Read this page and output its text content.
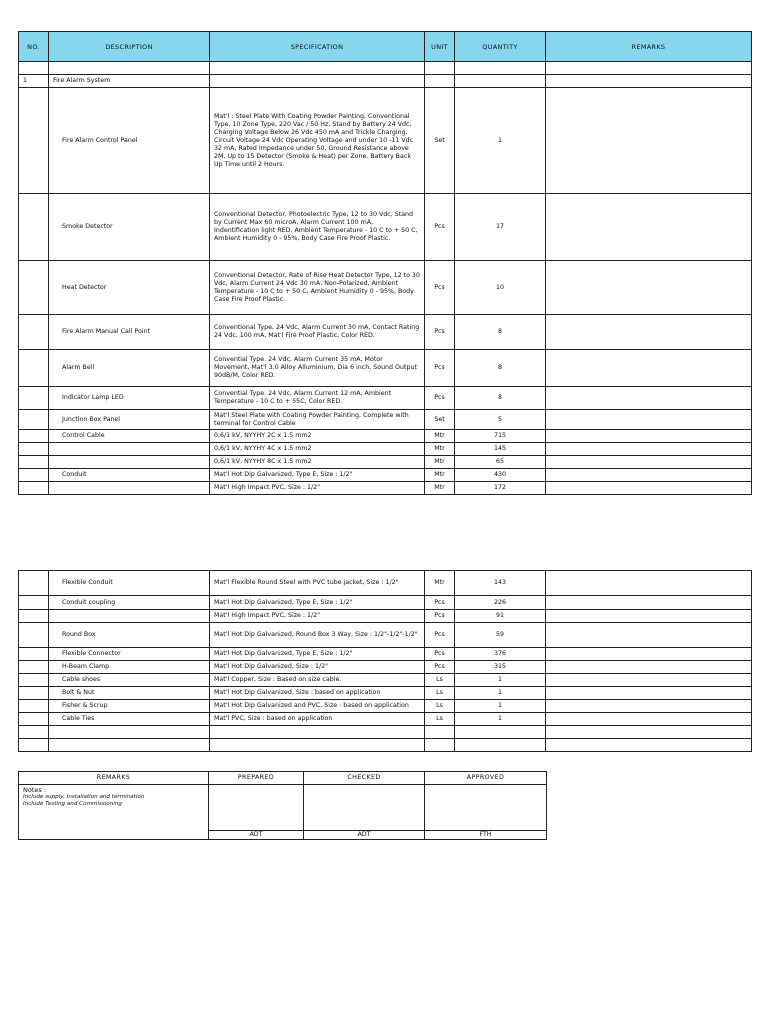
NO.	DESCRIPTION	SPECIFICATION	UNIT	QUANTITY	REMARKS

1	Fire Alarm System				
	Fire Alarm Control Panel	Mat'l : Steel Plate With Coating Powder Painting, Conventional Type, 10 Zone Type, 220 Vac / 50 Hz, Stand by Battery 24 Vdc, Charging Voltage Below 26 Vdc 450 mA and Trickle Charging, Circuit Voltage 24 Vdc Operating Voltage and under 10 -11 Vdc 32 mA, Rated Impedance under 50, Ground Resistance above 2M, Up to 15 Detector (Smoke & Heat) per Zone. Battery Back Up Time until 2 Hours.	Set	1	
	Smoke Detector	Conventional Detector, Photoelectric Type, 12 to 30 Vdc, Stand by Current Max 60 microA, Alarm Current 100 mA, Indentification light RED, Ambient Temperature - 10 C to + 50 C, Ambient Humidity 0 - 95%, Body Case Fire Proof Plastic.	Pcs	17	
	Heat Detector	Conventional Detector, Rate of Rise Heat Detector Type, 12 to 30 Vdc, Alarm Current 24 Vdc 30 mA, Non-Polarized, Ambient Temperature - 10 C to + 50 C, Ambient Humidity 0 - 95%, Body Case Fire Proof Plastic.	Pcs	10	
	Fire Alarm Manual Call Point	Conventional Type, 24 Vdc, Alarm Current 30 mA, Contact Rating 24 Vdc, 100 mA, Mat'l Fire Proof Plastic, Color RED.	Pcs	8	
	Alarm Bell	Convential Type. 24 Vdc, Alarm Current 35 mA, Motor Movement, Mat'l 3.0 Alloy Alluminium, Dia 6 inch, Sound Output 90dB/M, Color RED.	Pcs	8	
	Indicator Lamp LED	Convential Type. 24 Vdc, Alarm Current 12 mA, Ambient Temperature - 10 C to + 55C, Color RED.	Pcs	8	
	Junction Box Panel	Mat'l Steel Plate with Coating Powder Painting, Complete with terminal for Control Cable	Set	5	
	Control Cable	0,6/1 kV, NYYHY 2C x 1.5 mm2	Mtr	715	
		0,6/1 kV, NYYHY 4C x 1.5 mm2	Mtr	145	
		0,6/1 kV, NYYHY 8C x 1.5 mm2	Mtr	65	
	Conduit	Mat'l Hot Dip Galvanized, Type E, Size : 1/2"	Mtr	430	
		Mat'l High Impact PVC, Size : 1/2"	Mtr	172	
	Flexible Conduit	Mat'l Flexible Round Steel with PVC tube jacket, Size : 1/2"	Mtr	143	
	Conduit coupling	Mat'l Hot Dip Galvanized, Type E, Size : 1/2"	Pcs	226	
		Mat'l High Impact PVC, Size : 1/2"	Pcs	91	
	Round Box	Mat'l Hot Dip Galvanized, Round Box 3 Way, Size : 1/2"-1/2"-1/2"	Pcs	59	
	Flexible Connector	Mat'l Hot Dip Galvanized, Type E, Size : 1/2"	Pcs	376	
	H-Beam Clamp	Mat'l Hot Dip Galvanized, Size : 1/2"	Pcs	315	
	Cable shoes	Mat'l Copper, Size : Based on size cable.	Ls	1	
	Bolt & Nut	Mat'l Hot Dip Galvanized, Size : based on application	Ls	1	
	Fisher & Scrup	Mat'l Hot Dip Galvanized and PVC, Size : based on application	Ls	1	
	Cable Ties	Mat'l PVC, Size : based on application	Ls	1	

REMARKS	PREPARED	CHECKED	APPROVED

Notes :
Include supply, Installation and termination
Include Testing and Commissioning			

	ADT	ADT	FTH
